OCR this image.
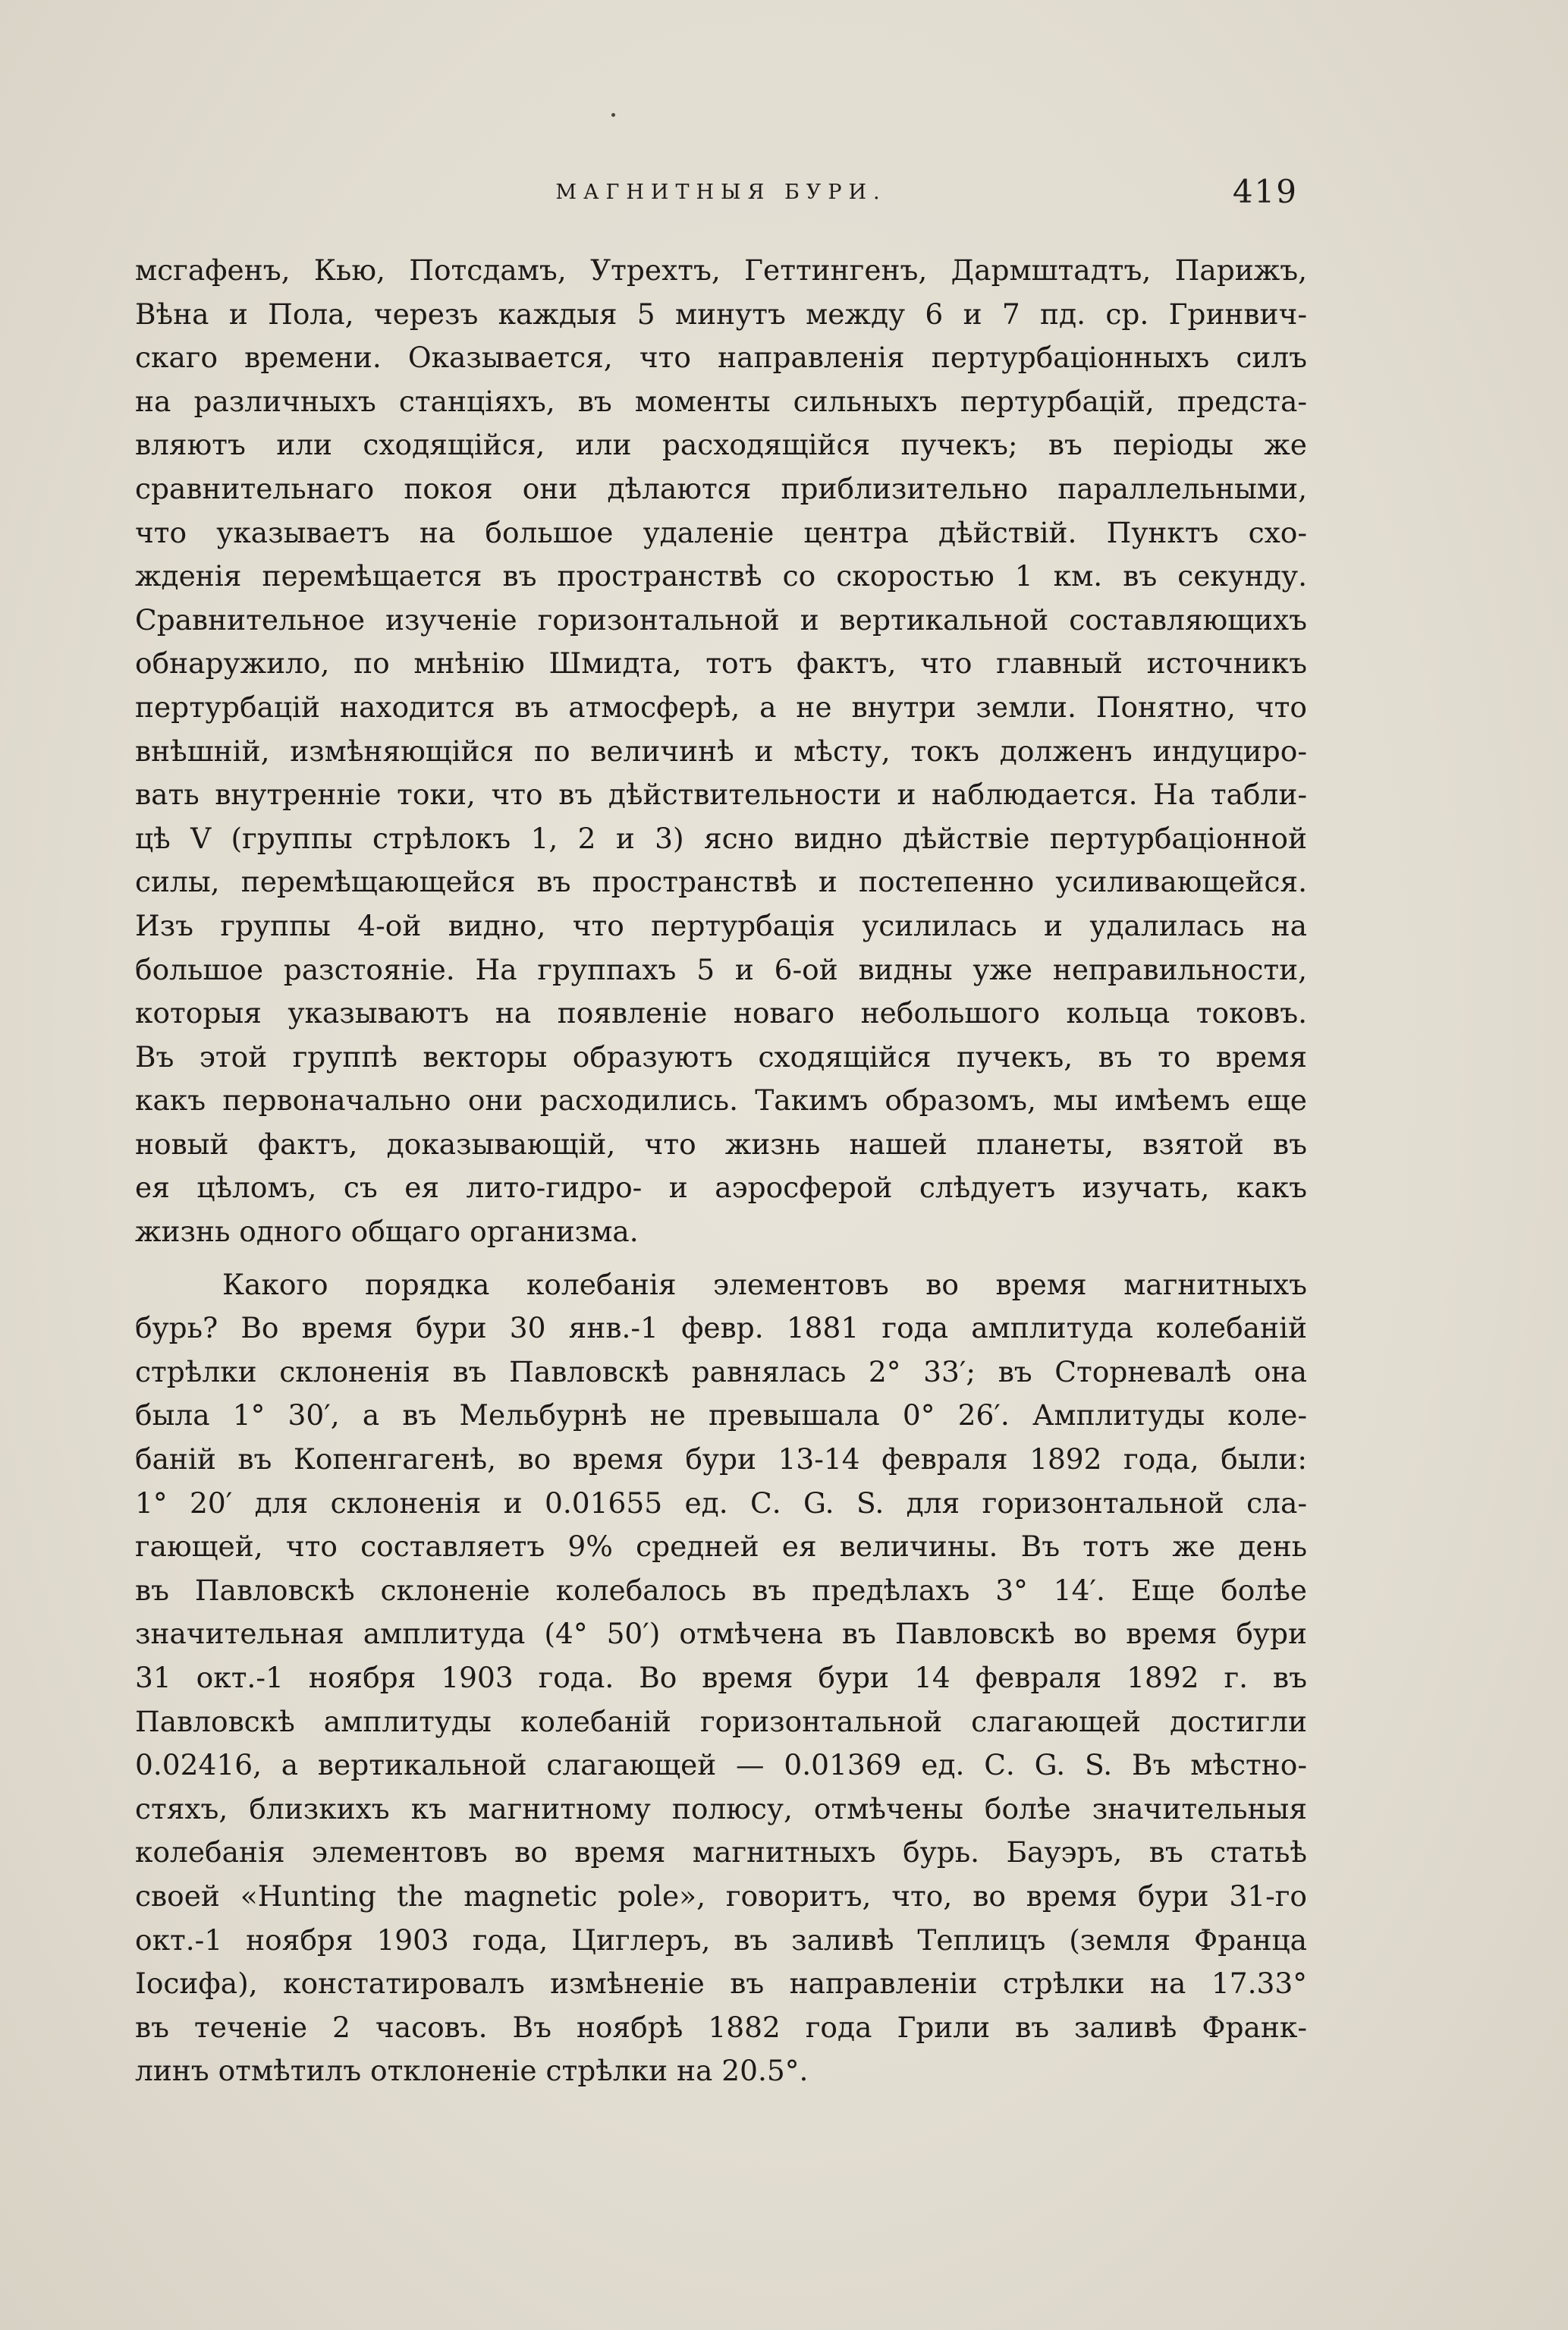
МАГНИТНЫЯ БУРИ.	419
мсгафенъ, Кью, Потсдамъ, Утрехтъ, Геттингенъ, Дармштадтъ, Парижъ,
Вѣна и Пола, черезъ каждыя 5 минутъ между 6 и 7 пд. ср. Гринвич-
скаго времени. Оказывается, что направленія пертурбаціонныхъ силъ
на различныхъ станціяхъ, въ моменты сильныхъ пертурбацій, предста-
вляютъ или сходящійся, или расходящійся пучекъ; въ періоды же
сравнительнаго покоя они дѣлаются приблизительно параллельными,
что указываетъ на большое удаленіе центра дѣйствій. Пунктъ схо-
жденія перемѣщается въ пространствѣ со скоростью 1 км. въ секунду.
Сравнительное изученіе горизонтальной и вертикальной составляющихъ
обнаружило, по мнѣнію Шмидта, тотъ фактъ, что главный источникъ
пертурбацій находится въ атмосферѣ, а не внутри земли. Понятно, что
внѣшній, измѣняющійся по величинѣ и мѣсту, токъ долженъ индуциро-
вать внутренніе токи, что въ дѣйствительности и наблюдается. На табли-
цѣ V (группы стрѣлокъ 1, 2 и 3) ясно видно дѣйствіе пертурбаціонной
силы, перемѣщающейся въ пространствѣ и постепенно усиливающейся.
Изъ группы 4-ой видно, что пертурбація усилилась и удалилась на
большое разстояніе. На группахъ 5 и 6-ой видны уже неправильности,
которыя указываютъ на появленіе новаго небольшого кольца токовъ.
Въ этой группѣ векторы образуютъ сходящійся пучекъ, въ то время
какъ первоначально они расходились. Такимъ образомъ, мы имѣемъ еще
новый фактъ, доказывающій, что жизнь нашей планеты, взятой въ
ея цѣломъ, съ ея лито-гидро- и аэросферой слѣдуетъ изучать, какъ
жизнь одного общаго организма.
Какого порядка колебанія элементовъ во время магнитныхъ
бурь? Во время бури 30 янв.-1 февр. 1881 года амплитуда колебаній
стрѣлки склоненія въ Павловскѣ равнялась 2° 33′; въ Сторневалѣ она
была 1° 30′, а въ Мельбурнѣ не превышала 0° 26′. Амплитуды коле-
баній въ Копенгагенѣ, во время бури 13-14 февраля 1892 года, были:
1° 20′ для склоненія и 0.01655 ед. С. G. S. для горизонтальной сла-
гающей, что составляетъ 9% средней ея величины. Въ тотъ же день
въ Павловскѣ склоненіе колебалось въ предѣлахъ 3° 14′. Еще болѣе
значительная амплитуда (4° 50′) отмѣчена въ Павловскѣ во время бури
31 окт.-1 ноября 1903 года. Во время бури 14 февраля 1892 г. въ
Павловскѣ амплитуды колебаній горизонтальной слагающей достигли
0.02416, а вертикальной слагающей — 0.01369 ед. С. G. S. Въ мѣстно-
стяхъ, близкихъ къ магнитному полюсу, отмѣчены болѣе значительныя
колебанія элементовъ во время магнитныхъ бурь. Бауэръ, въ статьѣ
своей «Hunting the magnetic pole», говоритъ, что, во время бури 31-го
окт.-1 ноября 1903 года, Циглеръ, въ заливѣ Теплицъ (земля Франца
Іосифа), констатировалъ измѣненіе въ направленіи стрѣлки на 17.33°
въ теченіе 2 часовъ. Въ ноябрѣ 1882 года Грили въ заливѣ Франк-
линъ отмѣтилъ отклоненіе стрѣлки на 20.5°.
